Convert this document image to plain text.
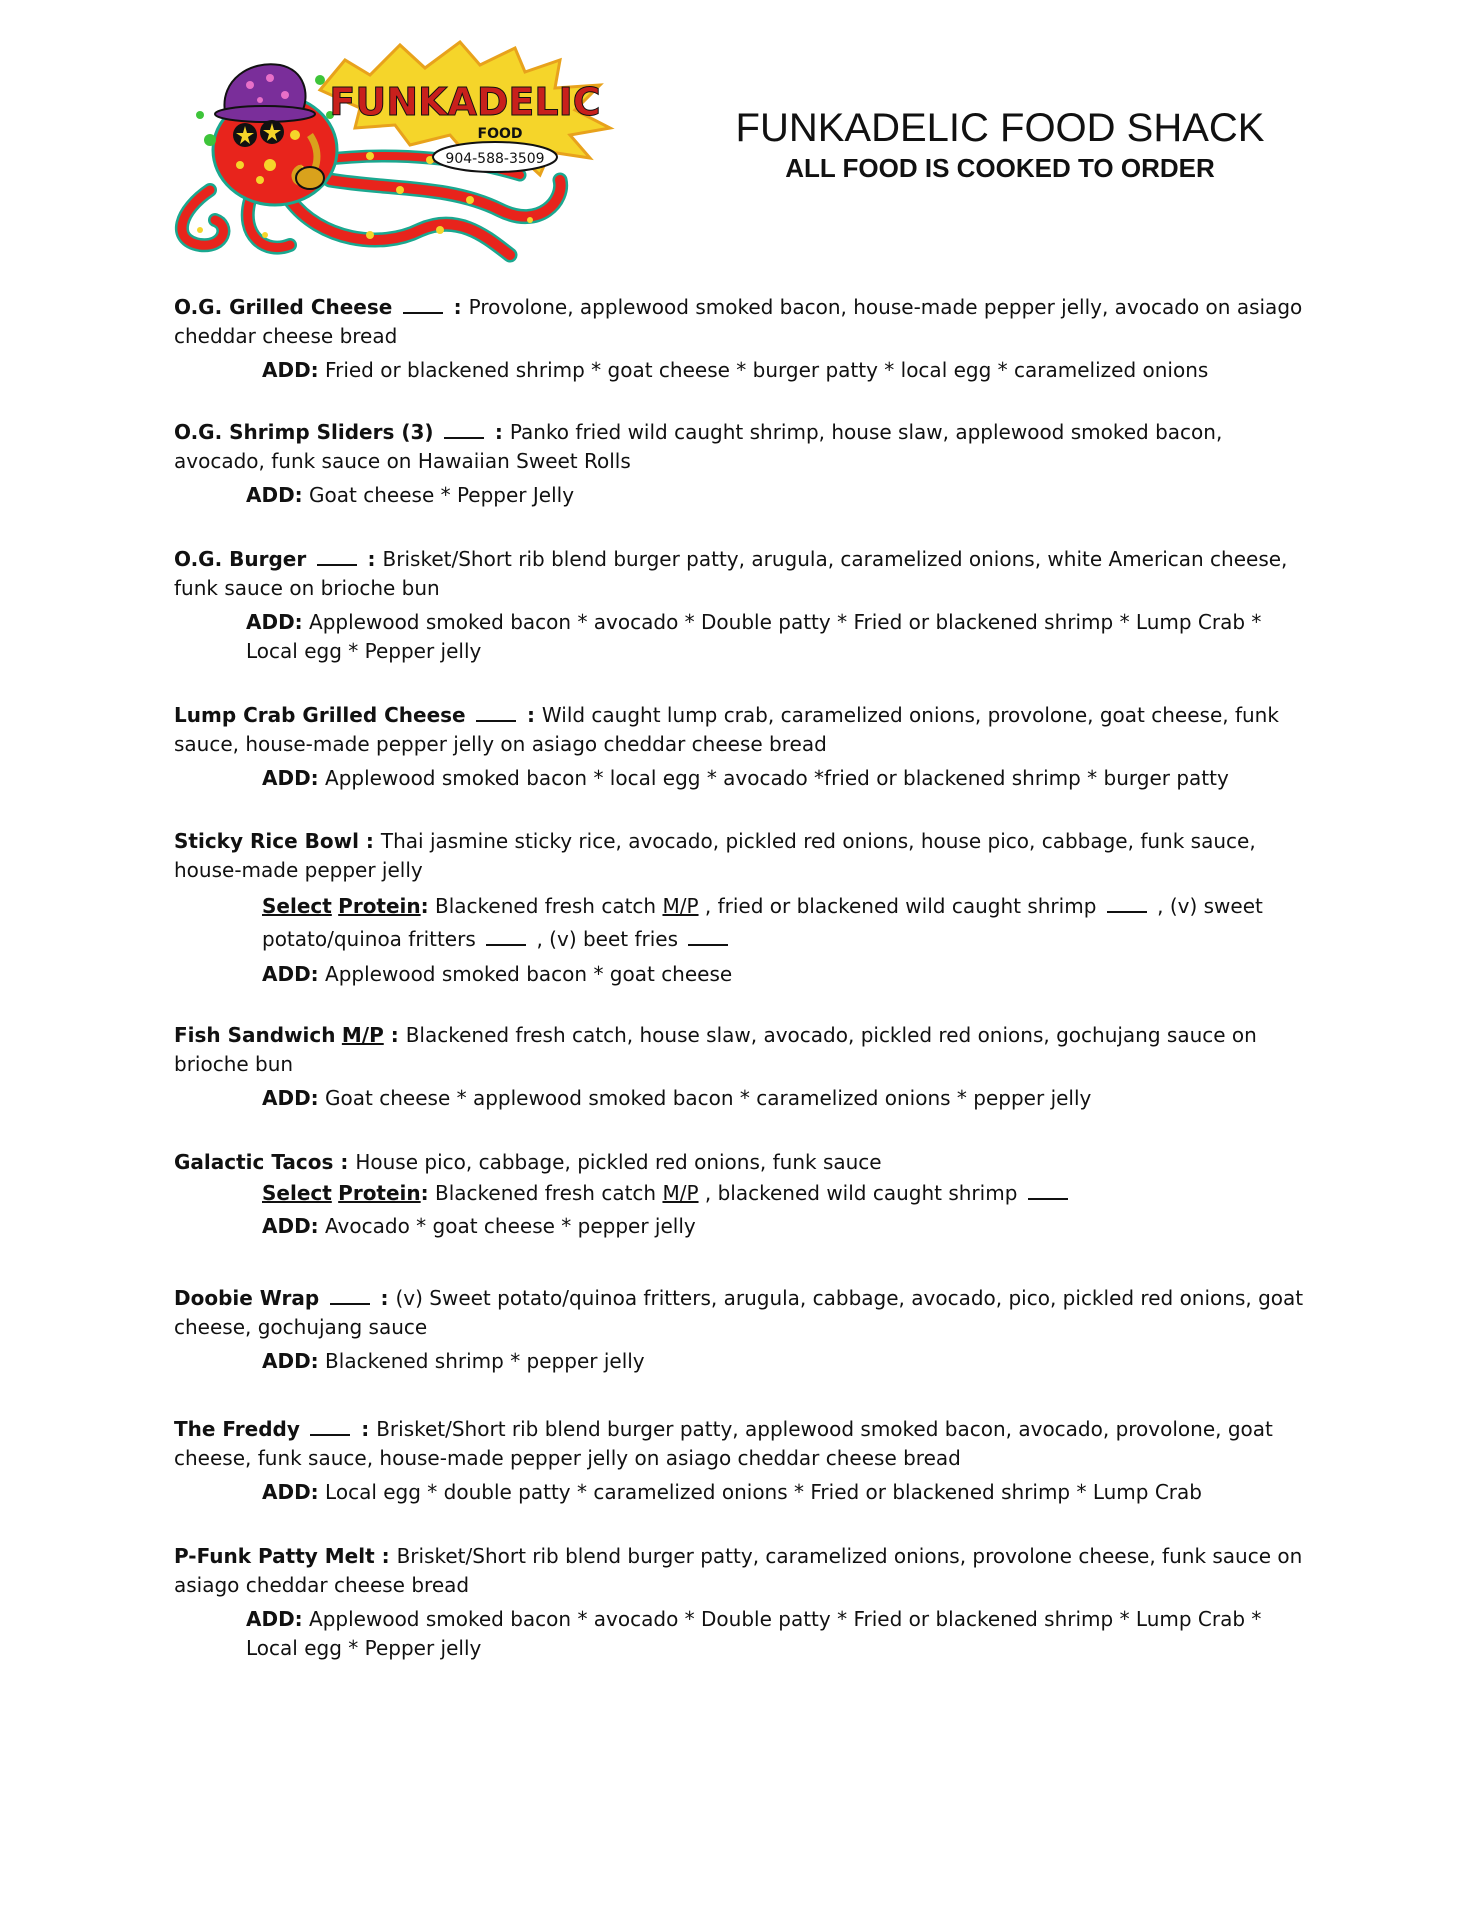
FUNKADELIC
FOOD
904-588-3509
FUNKADELIC FOOD SHACK
ALL FOOD IS COOKED TO ORDER
O.G. Grilled Cheese	: Provolone, applewood smoked bacon, house-made pepper jelly, avocado on asiago cheddar cheese bread
ADD: Fried or blackened shrimp * goat cheese * burger patty * local egg * caramelized onions
O.G. Shrimp Sliders (3)	: Panko fried wild caught shrimp, house slaw, applewood smoked bacon, avocado, funk sauce on Hawaiian Sweet Rolls
ADD: Goat cheese * Pepper Jelly
O.G. Burger	: Brisket/Short rib blend burger patty, arugula, caramelized onions, white American cheese, funk sauce on brioche bun
ADD: Applewood smoked bacon * avocado * Double patty * Fried or blackened shrimp * Lump Crab * Local egg * Pepper jelly
Lump Crab Grilled Cheese	: Wild caught lump crab, caramelized onions, provolone, goat cheese, funk sauce, house-made pepper jelly on asiago cheddar cheese bread
ADD: Applewood smoked bacon * local egg * avocado *fried or blackened shrimp * burger patty
Sticky Rice Bowl : Thai jasmine sticky rice, avocado, pickled red onions, house pico, cabbage, funk sauce, house-made pepper jelly
Select Protein: Blackened fresh catch M/P , fried or blackened wild caught shrimp	, (v) sweet potato/quinoa fritters	, (v) beet fries
ADD: Applewood smoked bacon * goat cheese
Fish Sandwich M/P : Blackened fresh catch, house slaw, avocado, pickled red onions, gochujang sauce on brioche bun
ADD: Goat cheese * applewood smoked bacon * caramelized onions * pepper jelly
Galactic Tacos : House pico, cabbage, pickled red onions, funk sauce
Select Protein: Blackened fresh catch M/P , blackened wild caught shrimp
ADD: Avocado * goat cheese * pepper jelly
Doobie Wrap	: (v) Sweet potato/quinoa fritters, arugula, cabbage, avocado, pico, pickled red onions, goat cheese, gochujang sauce
ADD: Blackened shrimp * pepper jelly
The Freddy	: Brisket/Short rib blend burger patty, applewood smoked bacon, avocado, provolone, goat cheese, funk sauce, house-made pepper jelly on asiago cheddar cheese bread
ADD: Local egg * double patty * caramelized onions * Fried or blackened shrimp * Lump Crab
P-Funk Patty Melt : Brisket/Short rib blend burger patty, caramelized onions, provolone cheese, funk sauce on asiago cheddar cheese bread
ADD: Applewood smoked bacon * avocado * Double patty * Fried or blackened shrimp * Lump Crab * Local egg * Pepper jelly
